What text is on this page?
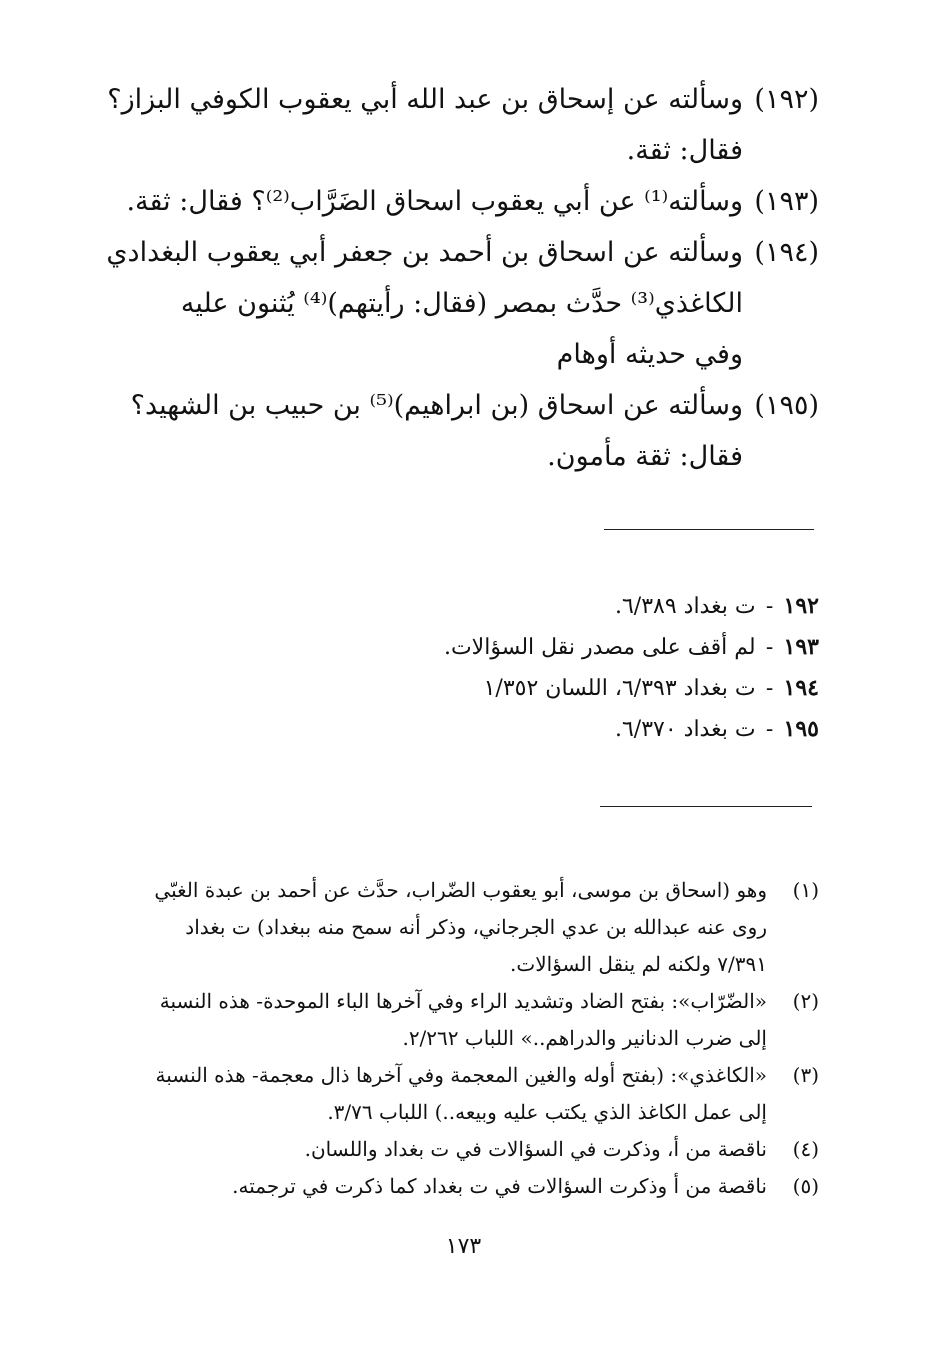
(١٩٢)
وسألته عن إسحاق بن عبد الله أبي يعقوب الكوفي البزاز؟
فقال: ثقة.
(١٩٣)
وسألته⁽¹⁾ عن أبي يعقوب اسحاق الضَرَّاب⁽²⁾؟ فقال: ثقة.
(١٩٤)
وسألته عن اسحاق بن أحمد بن جعفر أبي يعقوب البغدادي
الكاغذي⁽³⁾ حدَّث بمصر (فقال: رأيتهم)⁽⁴⁾ يُثنون عليه
وفي حديثه أوهام
(١٩٥)
وسألته عن اسحاق (بن ابراهيم)⁽⁵⁾ بن حبيب بن الشهيد؟
فقال: ثقة مأمون.
١٩٢
-
ت بغداد ٦/٣٨٩.
١٩٣
-
لم أقف على مصدر نقل السؤالات.
١٩٤
-
ت بغداد ٦/٣٩٣، اللسان ١/٣٥٢
١٩٥
-
ت بغداد ٦/٣٧٠.
(١)
وهو (اسحاق بن موسى، أبو يعقوب الضّراب، حدَّث عن أحمد بن عبدة الغبّي
روى عنه عبدالله بن عدي الجرجاني، وذكر أنه سمح منه ببغداد) ت بغداد
٧/٣٩١ ولكنه لم ينقل السؤالات.
(٢)
«الضّرّاب»: بفتح الضاد وتشديد الراء وفي آخرها الباء الموحدة- هذه النسبة
إلى ضرب الدنانير والدراهم..» اللباب ٢/٢٦٢.
(٣)
«الكاغذي»: (بفتح أوله والغين المعجمة وفي آخرها ذال معجمة- هذه النسبة
إلى عمل الكاغذ الذي يكتب عليه وبيعه..) اللباب ٣/٧٦.
(٤)
ناقصة من أ، وذكرت في السؤالات في ت بغداد واللسان.
(٥)
ناقصة من أ وذكرت السؤالات في ت بغداد كما ذكرت في ترجمته.
١٧٣
